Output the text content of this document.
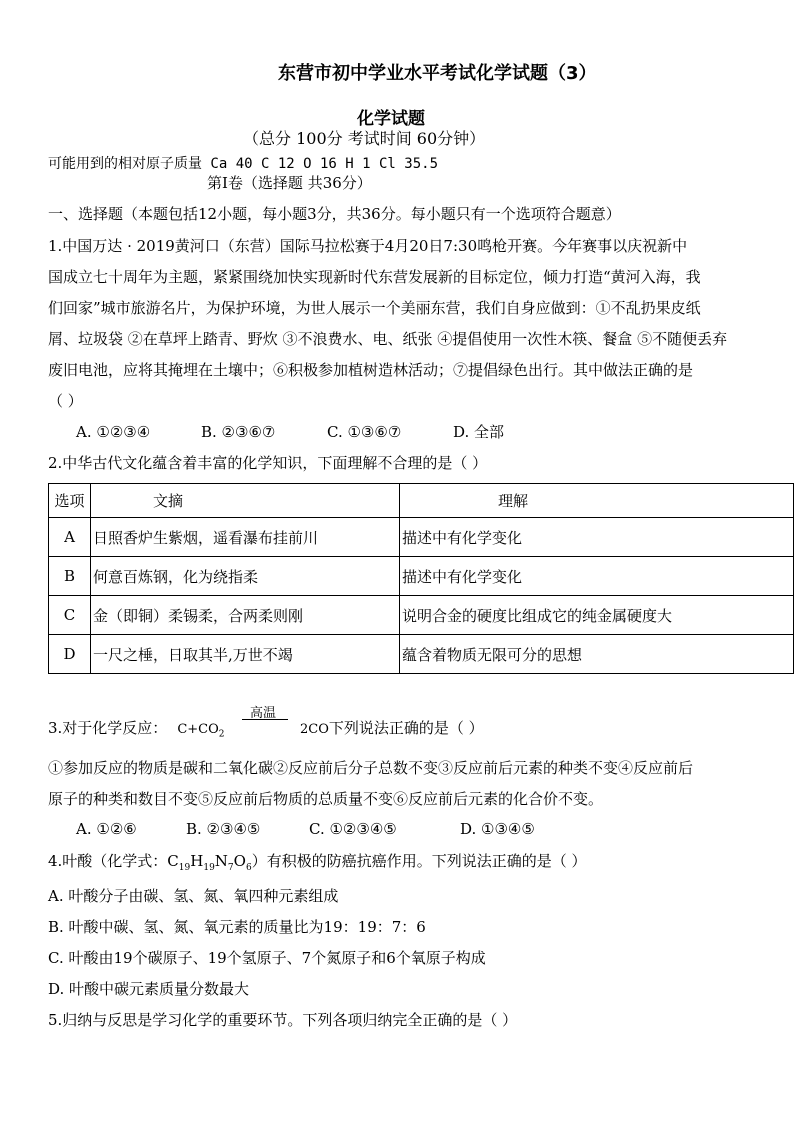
东营市初中学业水平考试化学试题（3）
化学试题
（总分 100分 考试时间 60分钟）
可能用到的相对原子质量 Ca 40 C 12 O 16 H 1 Cl 35.5
第Ⅰ卷（选择题 共36分）
一、选择题（本题包括12小题，每小题3分，共36分。每小题只有一个选项符合题意）
1.中国万达 · 2019黄河口（东营）国际马拉松赛于4月20日7:30鸣枪开赛。今年赛事以庆祝新中
国成立七十周年为主题，紧紧围绕加快实现新时代东营发展新的目标定位，倾力打造“黄河入海，我
们回家”城市旅游名片，为保护环境，为世人展示一个美丽东营，我们自身应做到：①不乱扔果皮纸
屑、垃圾袋 ②在草坪上踏青、野炊 ③不浪费水、电、纸张 ④提倡使用一次性木筷、餐盒 ⑤不随便丢弃
废旧电池，应将其掩埋在土壤中；⑥积极参加植树造林活动；⑦提倡绿色出行。其中做法正确的是
（ ）
A. ①②③④	B. ②③⑥⑦	C. ①③⑥⑦	D. 全部
2.中华古代文化蕴含着丰富的化学知识，下面理解不合理的是（ ）
选项	文摘	理解
A	日照香炉生紫烟，遥看瀑布挂前川	描述中有化学变化
B	何意百炼钢，化为绕指柔	描述中有化学变化
C	金（即铜）柔锡柔，合两柔则刚	说明合金的硬度比组成它的纯金属硬度大
D	一尺之棰，日取其半,万世不竭	蕴含着物质无限可分的思想
3.对于化学反应： $C+CO_2$
高温
2CO下列说法正确的是（ ）
①参加反应的物质是碳和二氧化碳②反应前后分子总数不变③反应前后元素的种类不变④反应前后
原子的种类和数目不变⑤反应前后物质的总质量不变⑥反应前后元素的化合价不变。
A. ①②⑥	B. ②③④⑤	C. ①②③④⑤	D. ①③④⑤
4.叶酸（化学式：$C_{19}H_{19}N_7O_6$）有积极的防癌抗癌作用。下列说法正确的是（ ）
A. 叶酸分子由碳、氢、氮、氧四种元素组成
B. 叶酸中碳、氢、氮、氧元素的质量比为19：19：7：6
C. 叶酸由19个碳原子、19个氢原子、7个氮原子和6个氧原子构成
D. 叶酸中碳元素质量分数最大
5.归纳与反思是学习化学的重要环节。下列各项归纳完全正确的是（ ）
